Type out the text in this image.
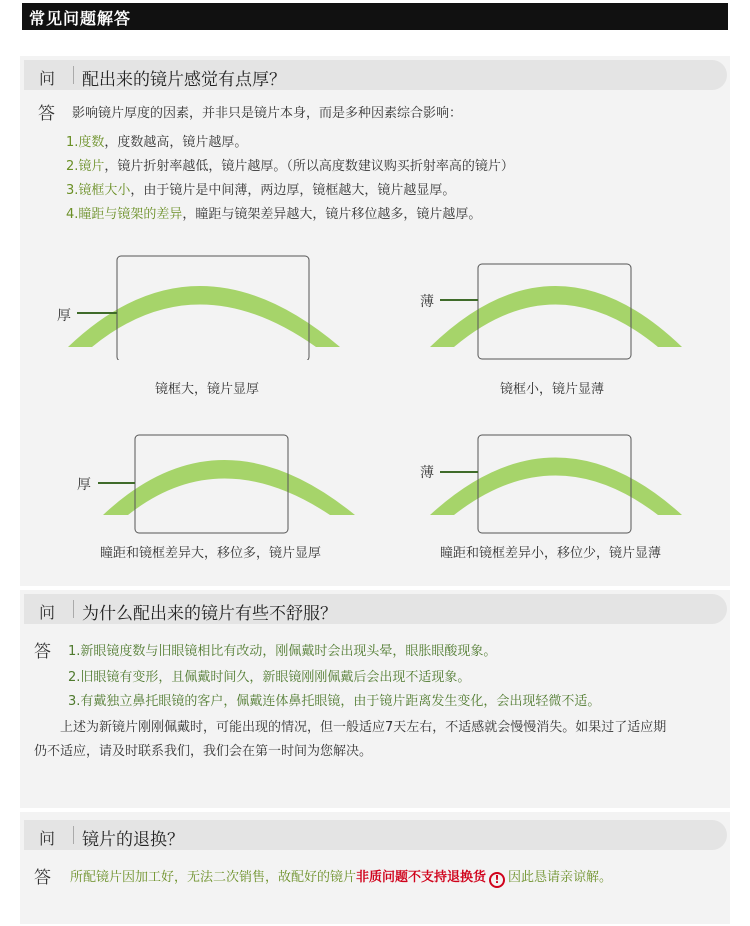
常见问题解答
问 配出来的镜片感觉有点厚？
答 影响镜片厚度的因素，并非只是镜片本身，而是多种因素综合影响：
1.度数，度数越高，镜片越厚。
2.镜片，镜片折射率越低，镜片越厚。（所以高度数建议购买折射率高的镜片）
3.镜框大小，由于镜片是中间薄，两边厚，镜框越大，镜片越显厚。
4.瞳距与镜架的差异，瞳距与镜架差异越大，镜片移位越多，镜片越厚。
厚
镜框大，镜片显厚
薄
镜框小，镜片显薄
厚
瞳距和镜框差异大，移位多，镜片显厚
薄
瞳距和镜框差异小，移位少，镜片显薄
问 为什么配出来的镜片有些不舒服？
答 1.新眼镜度数与旧眼镜相比有改动，刚佩戴时会出现头晕，眼胀眼酸现象。
2.旧眼镜有变形，且佩戴时间久，新眼镜刚刚佩戴后会出现不适现象。
3.有戴独立鼻托眼镜的客户，佩戴连体鼻托眼镜，由于镜片距离发生变化，会出现轻微不适。
上述为新镜片刚刚佩戴时，可能出现的情况，但一般适应7天左右，不适感就会慢慢消失。如果过了适应期
仍不适应，请及时联系我们，我们会在第一时间为您解决。
问 镜片的退换？
答 所配镜片因加工好，无法二次销售，故配好的镜片非质问题不支持退换货 ! 因此恳请亲谅解。
